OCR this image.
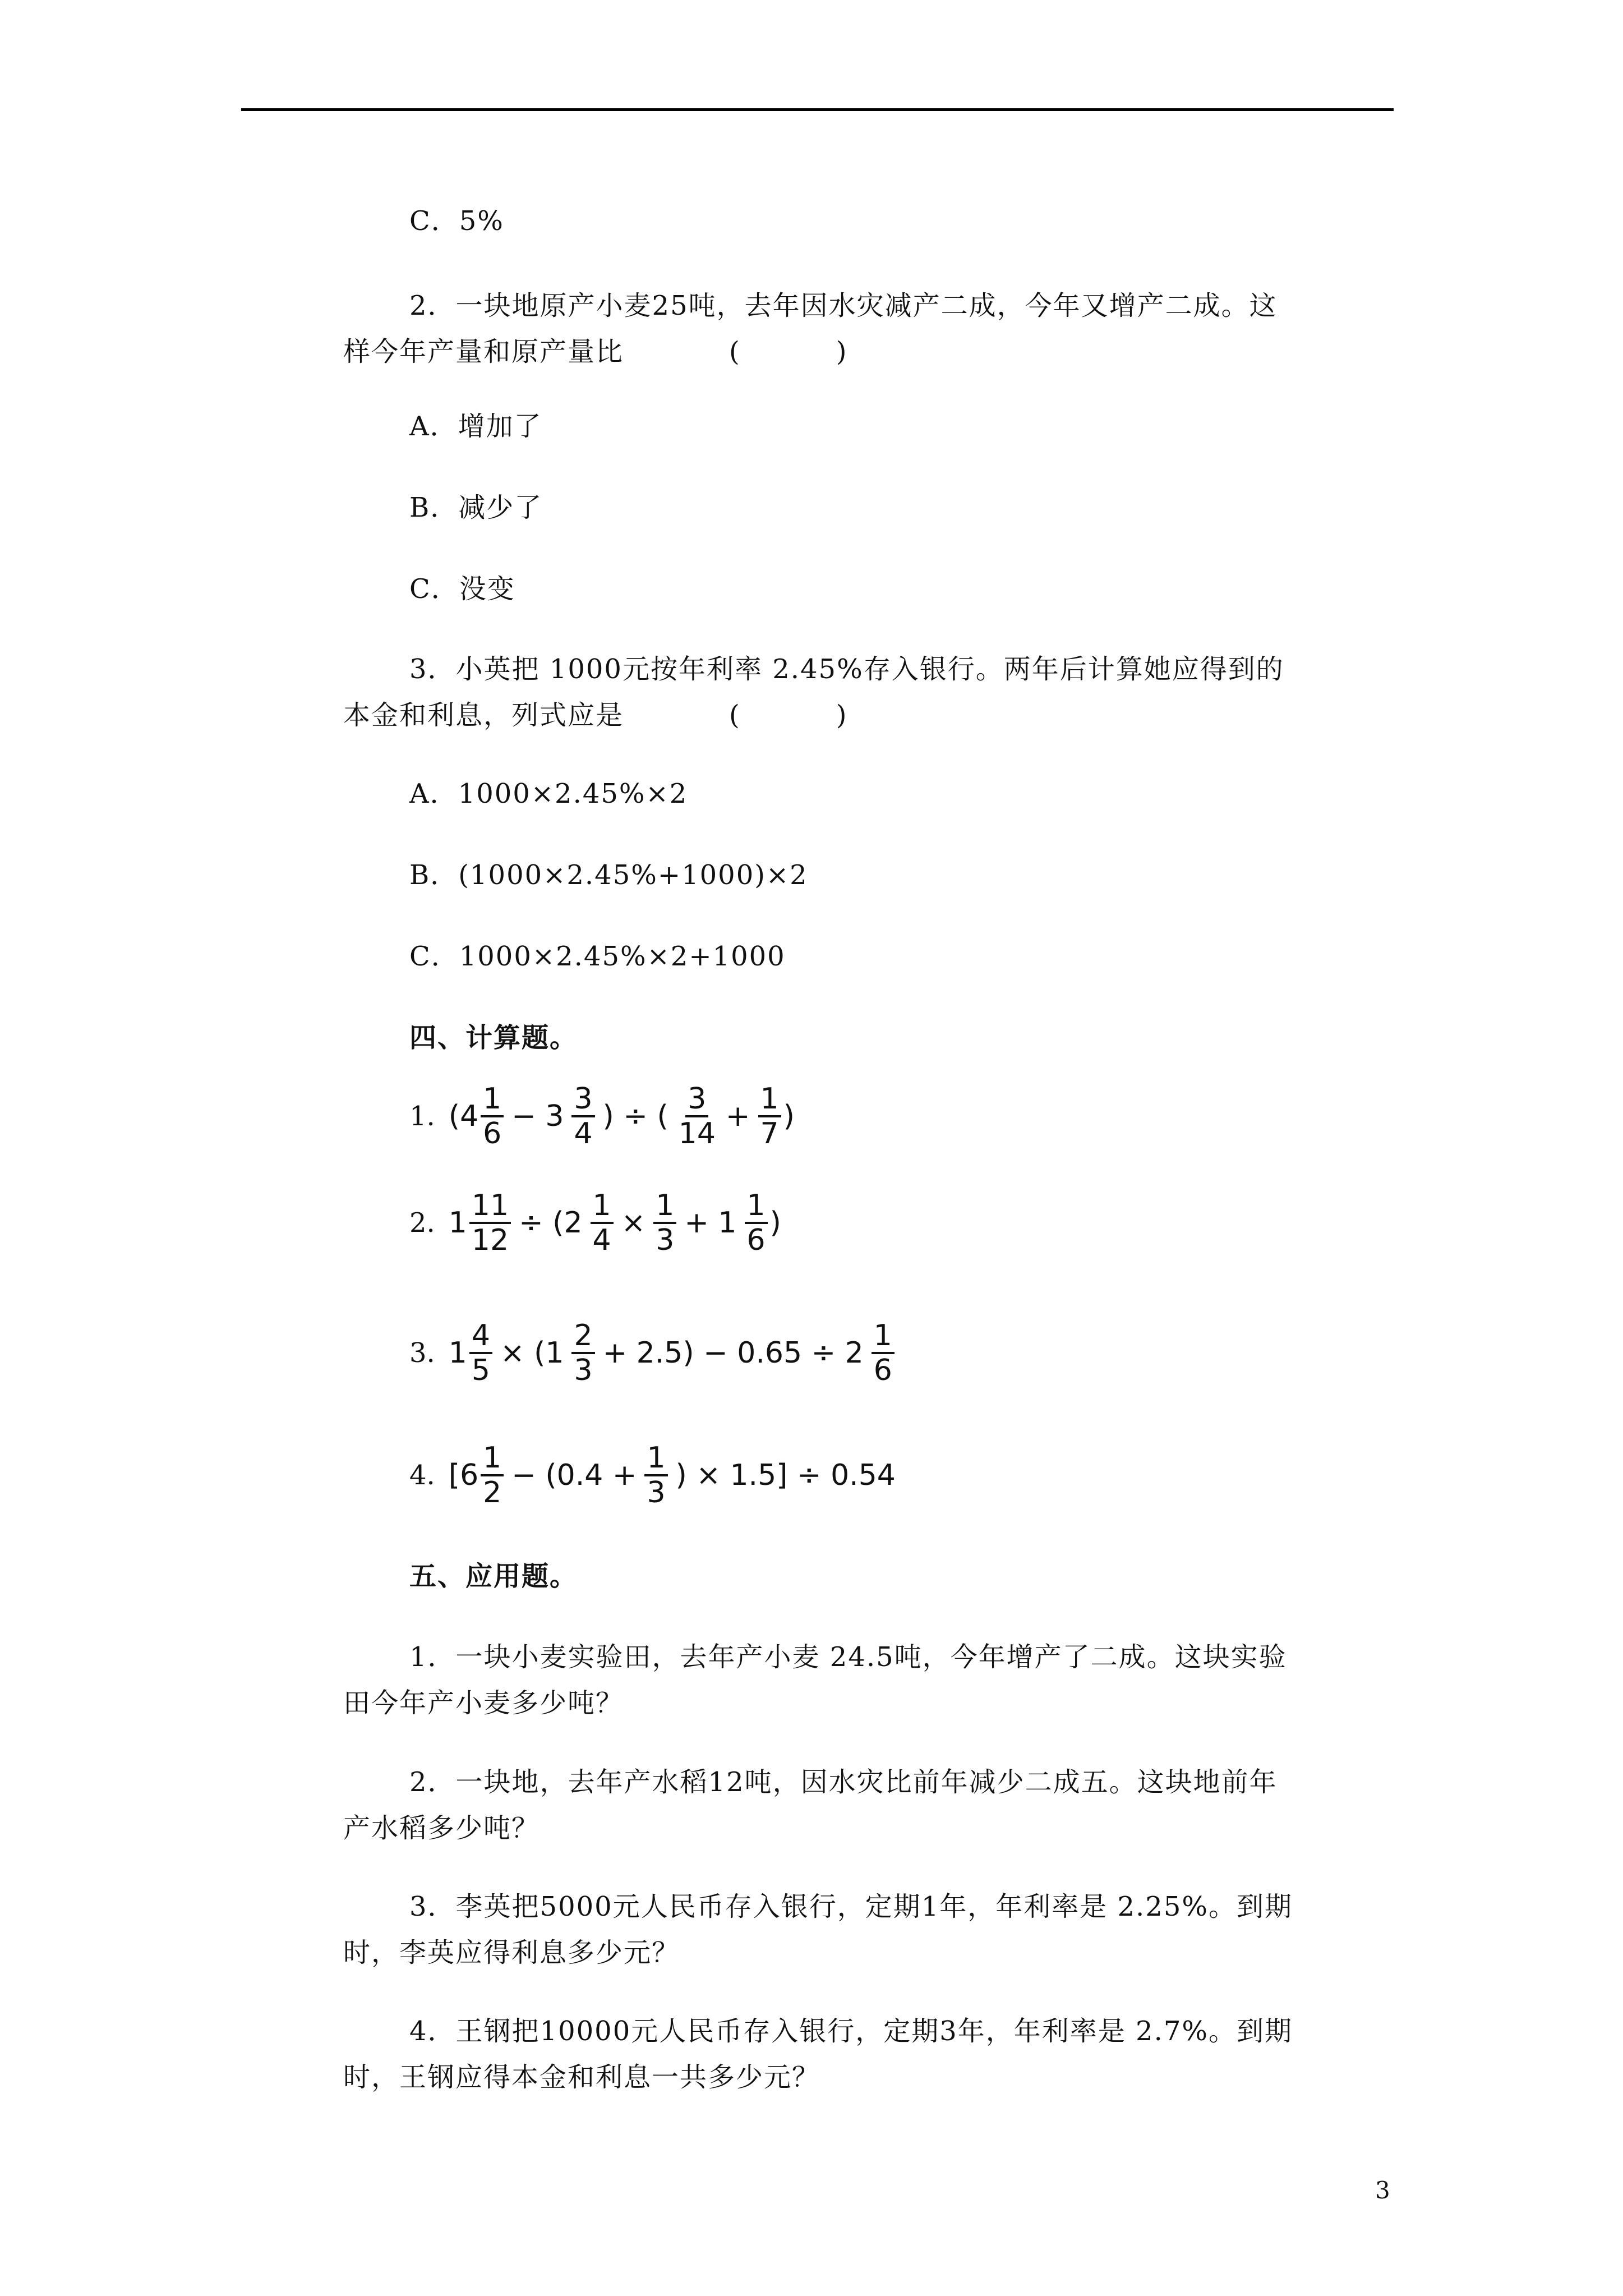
C．5%
2．一块地原产小麦25吨，去年因水灾减产二成，今年又增产二成。这样今年产量和原产量比	(	)
A．增加了
B．减少了
C．没变
3．小英把 1000元按年利率 2.45%存入银行。两年后计算她应得到的本金和利息，列式应是	(	)
A．1000×2.45%×2
B．(1000×2.45%+1000)×2
C．1000×2.45%×2+1000
四、计算题。
1. ($4 \frac{1}{6} - 3 \frac{3}{4}$ ) ÷ ( $\frac{3}{14} + \frac{1}{7}$ )
2. $1 \frac{11}{12} \div (2 \frac{1}{4} \times \frac{1}{3} + 1 \frac{1}{6}$ )
3. $1 \frac{4}{5} \times (1 \frac{2}{3} + 2.5) - 0.65 \div 2 \frac{1}{6}$
4. [$6 \frac{1}{2} - (0.4 + \frac{1}{3}$ ) × 1.5] ÷ 0.54
五、应用题。
1．一块小麦实验田，去年产小麦 24.5吨，今年增产了二成。这块实验田今年产小麦多少吨？
2．一块地，去年产水稻12吨，因水灾比前年减少二成五。这块地前年产水稻多少吨？
3．李英把5000元人民币存入银行，定期1年，年利率是 2.25%。到期时，李英应得利息多少元？
4．王钢把10000元人民币存入银行，定期3年，年利率是 2.7%。到期时，王钢应得本金和利息一共多少元？
3
